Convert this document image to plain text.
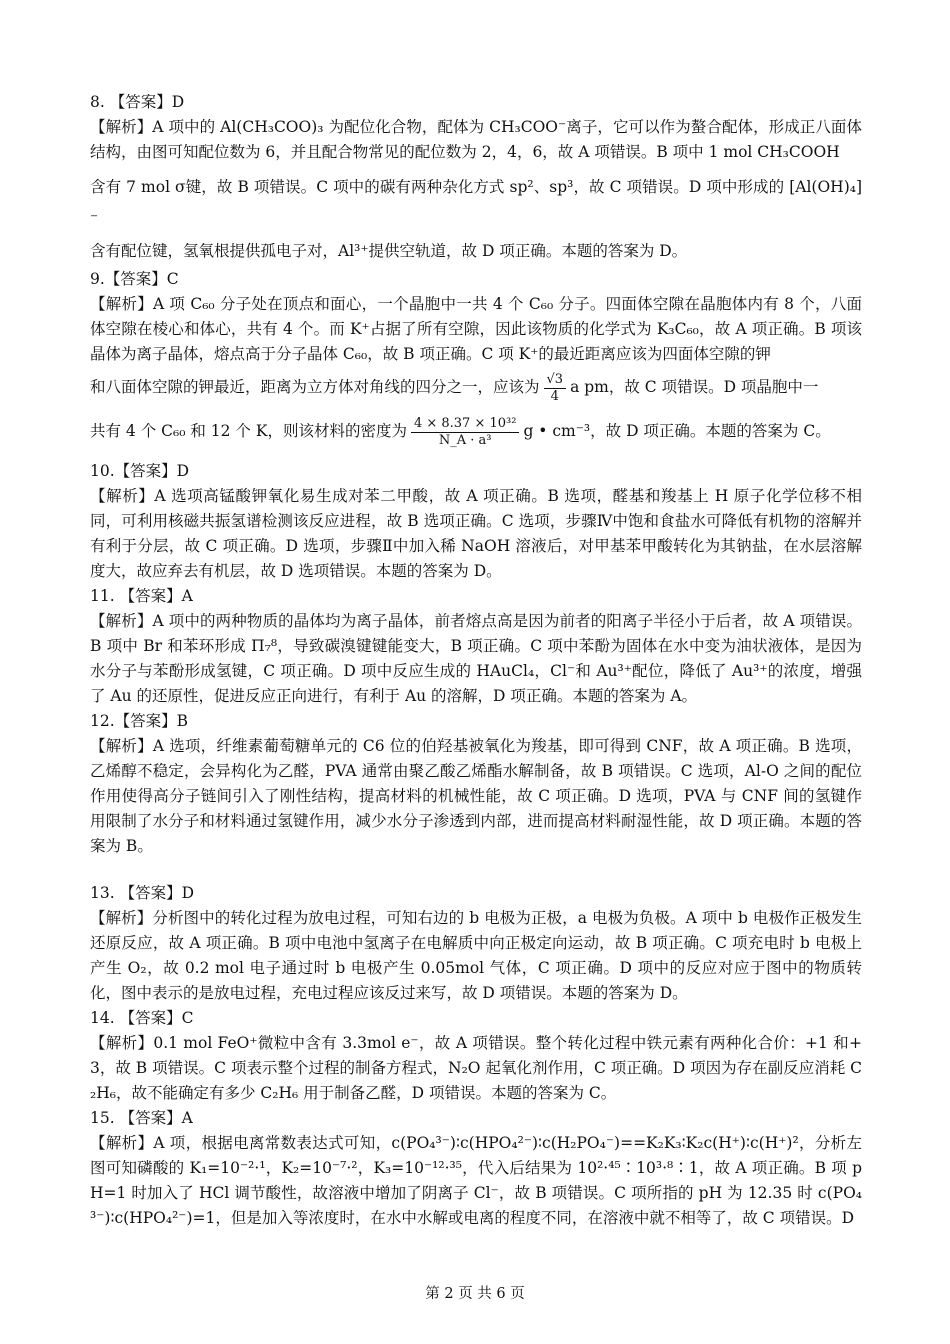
8. 【答案】D
【解析】A 项中的 Al(CH₃COO)₃ 为配位化合物，配体为 CH₃COO⁻离子，它可以作为螯合配体，形成正八面体结构，由图可知配位数为 6，并且配合物常见的配位数为 2，4，6，故 A 项错误。B 项中 1 mol CH₃COOH
含有 7 mol σ键，故 B 项错误。C 项中的碳有两种杂化方式 sp²、sp³，故 C 项错误。D 项中形成的 [Al(OH)₄]⁻
含有配位键，氢氧根提供孤电子对，Al³⁺提供空轨道，故 D 项正确。本题的答案为 D。
9.【答案】C
【解析】A 项 C₆₀ 分子处在顶点和面心，一个晶胞中一共 4 个 C₆₀ 分子。四面体空隙在晶胞体内有 8 个，八面体空隙在棱心和体心，共有 4 个。而 K⁺占据了所有空隙，因此该物质的化学式为 K₃C₆₀，故 A 项正确。B 项该晶体为离子晶体，熔点高于分子晶体 C₆₀，故 B 项正确。C 项 K⁺的最近距离应该为四面体空隙的钾
和八面体空隙的钾最近，距离为立方体对角线的四分之一，应该为 $\frac{√3}{4}$ a pm，故 C 项错误。D 项晶胞中一
共有 4 个 C₆₀ 和 12 个 K，则该材料的密度为 $\frac{\text{4 × 8.37 × 10³²}}{\text{N\_A · a³}}$ g • cm⁻³，故 D 项正确。本题的答案为 C。
10.【答案】D
【解析】A 选项高锰酸钾氧化易生成对苯二甲酸，故 A 项正确。B 选项，醛基和羧基上 H 原子化学位移不相同，可利用核磁共振氢谱检测该反应进程，故 B 选项正确。C 选项，步骤Ⅳ中饱和食盐水可降低有机物的溶解并有利于分层，故 C 项正确。D 选项，步骤Ⅱ中加入稀 NaOH 溶液后，对甲基苯甲酸转化为其钠盐，在水层溶解度大，故应弃去有机层，故 D 选项错误。本题的答案为 D。
11. 【答案】A
【解析】A 项中的两种物质的晶体均为离子晶体，前者熔点高是因为前者的阳离子半径小于后者，故 A 项错误。B 项中 Br 和苯环形成 Π₇⁸，导致碳溴键键能变大，B 项正确。C 项中苯酚为固体在水中变为油状液体，是因为水分子与苯酚形成氢键，C 项正确。D 项中反应生成的 HAuCl₄，Cl⁻和 Au³⁺配位，降低了 Au³⁺的浓度，增强了 Au 的还原性，促进反应正向进行，有利于 Au 的溶解，D 项正确。本题的答案为 A。
12.【答案】B
【解析】A 选项，纤维素葡萄糖单元的 C6 位的伯羟基被氧化为羧基，即可得到 CNF，故 A 项正确。B 选项，乙烯醇不稳定，会异构化为乙醛，PVA 通常由聚乙酸乙烯酯水解制备，故 B 项错误。C 选项，Al-O 之间的配位作用使得高分子链间引入了刚性结构，提高材料的机械性能，故 C 项正确。D 选项，PVA 与 CNF 间的氢键作用限制了水分子和材料通过氢键作用，减少水分子渗透到内部，进而提高材料耐湿性能，故 D 项正确。本题的答案为 B。
13. 【答案】D
【解析】分析图中的转化过程为放电过程，可知右边的 b 电极为正极，a 电极为负极。A 项中 b 电极作正极发生还原反应，故 A 项正确。B 项中电池中氢离子在电解质中向正极定向运动，故 B 项正确。C 项充电时 b 电极上产生 O₂，故 0.2 mol 电子通过时 b 电极产生 0.05mol 气体，C 项正确。D 项中的反应对应于图中的物质转化，图中表示的是放电过程，充电过程应该反过来写，故 D 项错误。本题的答案为 D。
14. 【答案】C
【解析】0.1 mol FeO⁺微粒中含有 3.3mol e⁻，故 A 项错误。整个转化过程中铁元素有两种化合价：+1 和+3，故 B 项错误。C 项表示整个过程的制备方程式，N₂O 起氧化剂作用，C 项正确。D 项因为存在副反应消耗 C₂H₆，故不能确定有多少 C₂H₆ 用于制备乙醛，D 项错误。本题的答案为 C。
15. 【答案】A
【解析】A 项，根据电离常数表达式可知，c(PO₄³⁻)∶c(HPO₄²⁻)∶c(H₂PO₄⁻)==K₂K₃∶K₂c(H⁺)∶c(H⁺)²，分析左图可知磷酸的 K₁=10⁻²·¹，K₂=10⁻⁷·²，K₃=10⁻¹²·³⁵，代入后结果为 10²·⁴⁵∶10³·⁸∶1，故 A 项正确。B 项 pH=1 时加入了 HCl 调节酸性，故溶液中增加了阴离子 Cl⁻，故 B 项错误。C 项所指的 pH 为 12.35 时 c(PO₄³⁻)∶c(HPO₄²⁻)=1，但是加入等浓度时，在水中水解或电离的程度不同，在溶液中就不相等了，故 C 项错误。D
第 2 页 共 6 页
